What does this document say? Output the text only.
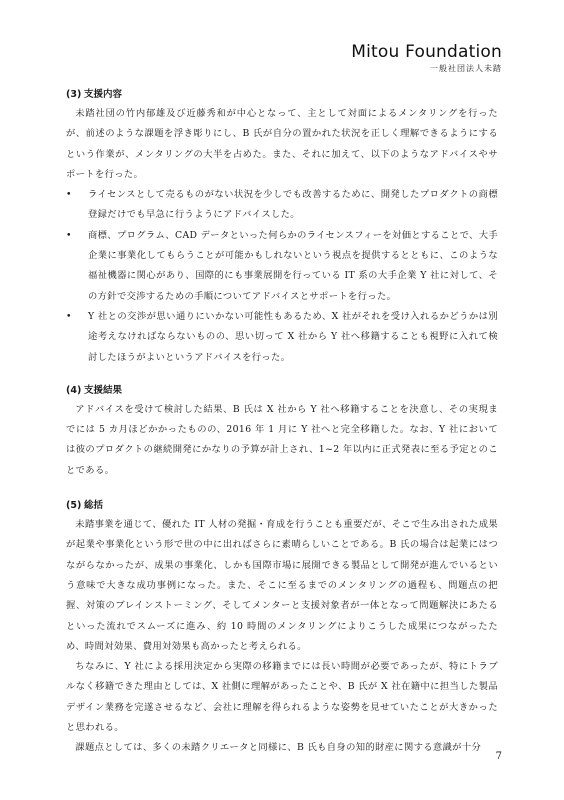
Mitou Foundation
一般社団法人未踏
(3) 支援内容

未踏社団の竹内郁雄及び近藤秀和が中心となって、主として対面によるメンタリングを行ったが、前述のような課題を浮き彫りにし、B 氏が自分の置かれた状況を正しく理解できるようにするという作業が、メンタリングの大半を占めた。また、それに加えて、以下のようなアドバイスやサポートを行った。

• ライセンスとして売るものがない状況を少しでも改善するために、開発したプロダクトの商標登録だけでも早急に行うようにアドバイスした。
• 商標、プログラム、CAD データといった何らかのライセンスフィーを対価とすることで、大手企業に事業化してもらうことが可能かもしれないという視点を提供するとともに、このような福祉機器に関心があり、国際的にも事業展開を行っている IT 系の大手企業 Y 社に対して、その方針で交渉するための手順についてアドバイスとサポートを行った。
• Y 社との交渉が思い通りにいかない可能性もあるため、X 社がそれを受け入れるかどうかは別途考えなければならないものの、思い切って X 社から Y 社へ移籍することも視野に入れて検討したほうがよいというアドバイスを行った。
(4) 支援結果

アドバイスを受けて検討した結果、B 氏は X 社から Y 社へ移籍することを決意し、その実現までには 5 カ月ほどかかったものの、2016 年 1 月に Y 社へと完全移籍した。なお、Y 社においては彼のプロダクトの継続開発にかなりの予算が計上され、1~2 年以内に正式発表に至る予定とのことである。

(5) 総括

未踏事業を通じて、優れた IT 人材の発掘・育成を行うことも重要だが、そこで生み出された成果が起業や事業化という形で世の中に出ればさらに素晴らしいことである。B 氏の場合は起業にはつながらなかったが、成果の事業化、しかも国際市場に展開できる製品として開発が進んでいるという意味で大きな成功事例になった。また、そこに至るまでのメンタリングの過程も、問題点の把握、対策のブレインストーミング、そしてメンターと支援対象者が一体となって問題解決にあたるといった流れでスムーズに進み、約 10 時間のメンタリングによりこうした成果につながったため、時間対効果、費用対効果も高かったと考えられる。

ちなみに、Y 社による採用決定から実際の移籍までには長い時間が必要であったが、特にトラブルなく移籍できた理由としては、X 社側に理解があったことや、B 氏が X 社在籍中に担当した製品デザイン業務を完遂させるなど、会社に理解を得られるような姿勢を見せていたことが大きかったと思われる。

課題点としては、多くの未踏クリエータと同様に、B 氏も自身の知的財産に関する意識が十分

7
